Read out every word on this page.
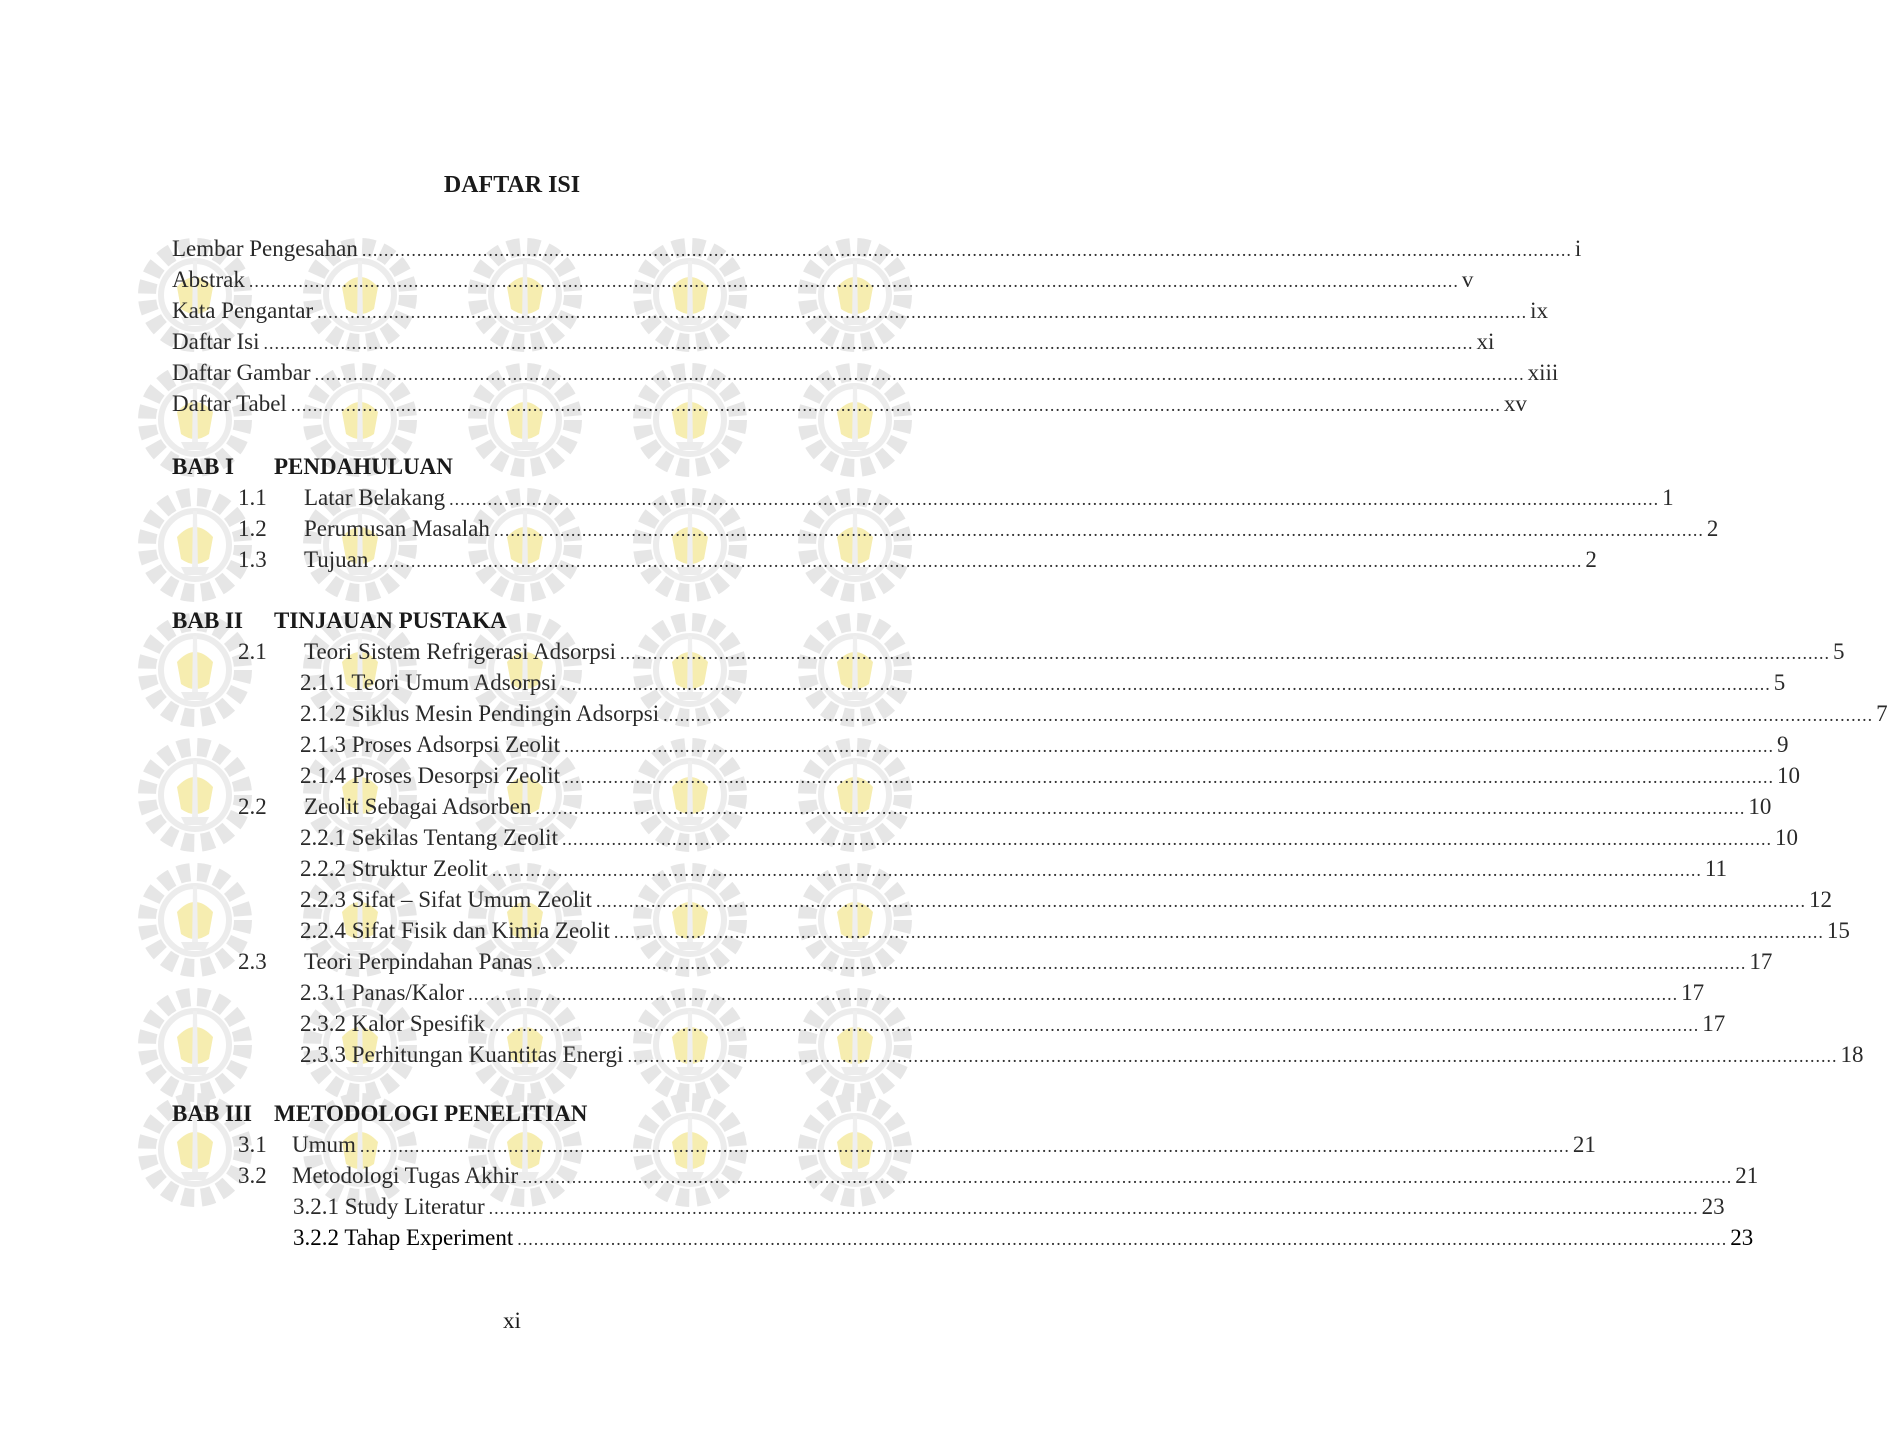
DAFTAR ISI
Lembar Pengesahan ............................................................................................................................................................................................................................ i
Abstrak ............................................................................................................................................................................................................................ v
Kata Pengantar ............................................................................................................................................................................................................................ ix
Daftar Isi ............................................................................................................................................................................................................................ xi
Daftar Gambar ............................................................................................................................................................................................................................ xiii
Daftar Tabel ............................................................................................................................................................................................................................ xv
BAB I PENDAHULUAN
1.1	Latar Belakang ............................................................................................................................................................................................................................ 1
1.2	Perumusan Masalah ............................................................................................................................................................................................................................ 2
1.3	Tujuan ............................................................................................................................................................................................................................ 2
BAB II TINJAUAN PUSTAKA
2.1	Teori Sistem Refrigerasi Adsorpsi ............................................................................................................................................................................................................................ 5
2.1.1 Teori Umum Adsorpsi ............................................................................................................................................................................................................................ 5
2.1.2 Siklus Mesin Pendingin Adsorpsi ............................................................................................................................................................................................................................ 7
2.1.3 Proses Adsorpsi Zeolit ............................................................................................................................................................................................................................ 9
2.1.4 Proses Desorpsi Zeolit ............................................................................................................................................................................................................................ 10
2.2	Zeolit Sebagai Adsorben ............................................................................................................................................................................................................................ 10
2.2.1 Sekilas Tentang Zeolit ............................................................................................................................................................................................................................ 10
2.2.2 Struktur Zeolit ............................................................................................................................................................................................................................ 11
2.2.3 Sifat – Sifat Umum Zeolit ............................................................................................................................................................................................................................ 12
2.2.4 Sifat Fisik dan Kimia Zeolit ............................................................................................................................................................................................................................ 15
2.3	Teori Perpindahan Panas ............................................................................................................................................................................................................................ 17
2.3.1 Panas/Kalor ............................................................................................................................................................................................................................ 17
2.3.2 Kalor Spesifik ............................................................................................................................................................................................................................ 17
2.3.3 Perhitungan Kuantitas Energi ............................................................................................................................................................................................................................ 18
BAB III METODOLOGI PENELITIAN
3.1	Umum ............................................................................................................................................................................................................................ 21
3.2	Metodologi Tugas Akhir ............................................................................................................................................................................................................................ 21
3.2.1 Study Literatur ............................................................................................................................................................................................................................ 23
3.2.2 Tahap Experiment ............................................................................................................................................................................................................................ 23
xi
